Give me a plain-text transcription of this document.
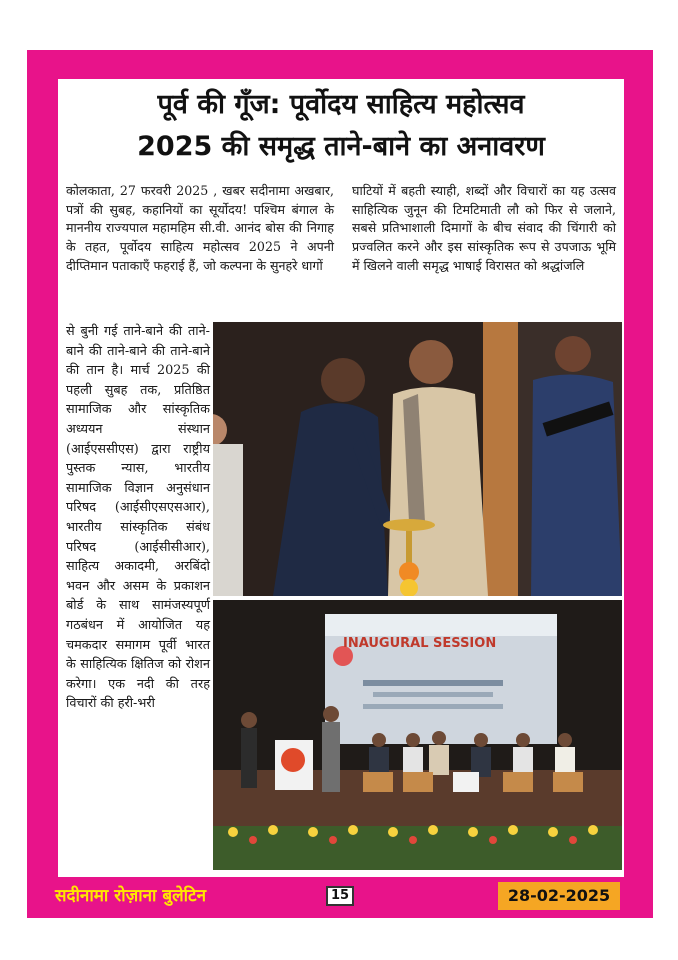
पूर्व की गूँज: पूर्वोदय साहित्य महोत्सव
2025 की समृद्ध ताने-बाने का अनावरण
कोलकाता, 27 फरवरी 2025 , खबर सदीनामा अखबार, पत्रों की सुबह, कहानियों का सूर्योदय! पश्चिम बंगाल के माननीय राज्यपाल महामहिम सी.वी. आनंद बोस की निगाह के तहत, पूर्वोदय साहित्य महोत्सव 2025 ने अपनी दीप्तिमान पताकाएँ फहराई हैं, जो कल्पना के सुनहरे धागों
घाटियों में बहती स्याही, शब्दों और विचारों का यह उत्सव साहित्यिक जुनून की टिमटिमाती लौ को फिर से जलाने, सबसे प्रतिभाशाली दिमागों के बीच संवाद की चिंगारी को प्रज्वलित करने और इस सांस्कृतिक रूप से उपजाऊ भूमि में खिलने वाली समृद्ध भाषाई विरासत को श्रद्धांजलि
से बुनी गई ताने-बाने की ताने-बाने की ताने-बाने की ताने-बाने की तान है। मार्च 2025 की पहली सुबह तक, प्रतिष्ठित सामाजिक और सांस्कृतिक अध्ययन संस्थान (आईएससीएस) द्वारा राष्ट्रीय पुस्तक न्यास, भारतीय सामाजिक विज्ञान अनुसंधान परिषद (आईसीएसएसआर), भारतीय सांस्कृतिक संबंध परिषद (आईसीसीआर), साहित्य अकादमी, अरबिंदो भवन और असम के प्रकाशन बोर्ड के साथ सामंजस्यपूर्ण गठबंधन में आयोजित यह चमकदार समागम पूर्वी भारत के साहित्यिक क्षितिज को रोशन करेगा। एक नदी की तरह विचारों की हरी-भरी
INAUGURAL SESSION
सदीनामा रोज़ाना बुलेटिन	15	28-02-2025
